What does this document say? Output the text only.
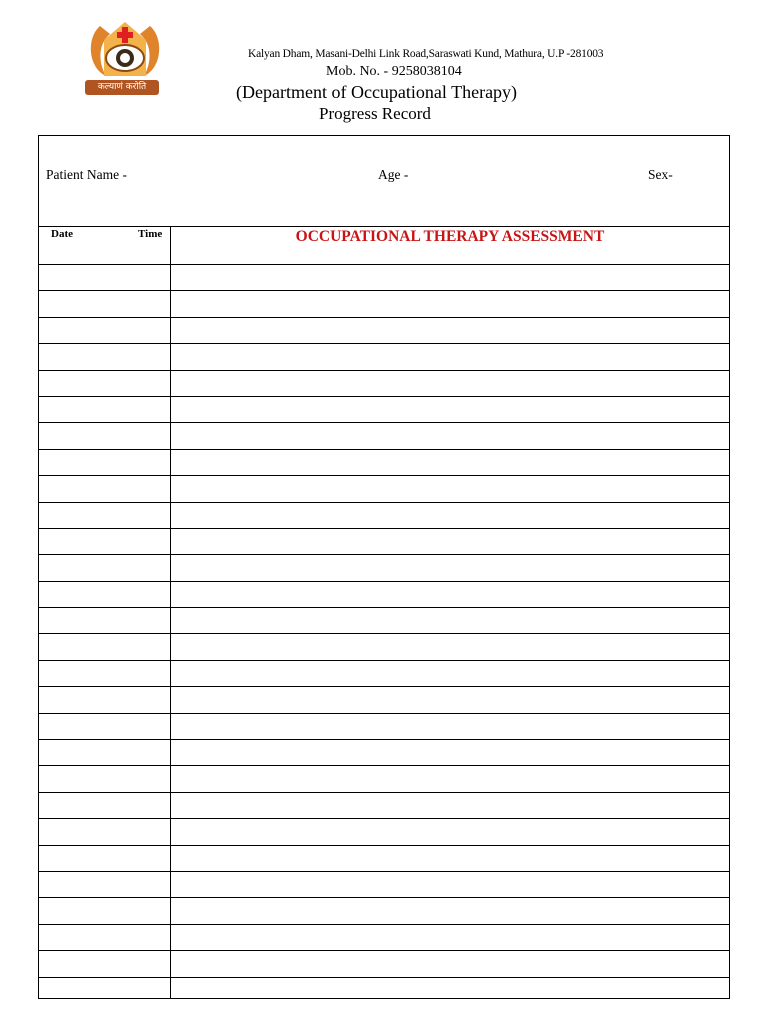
कल्याणं करोति
Kalyan Dham, Masani-Delhi Link Road,Saraswati Kund, Mathura, U.P -281003
Mob. No. - 9258038104
(Department of Occupational Therapy)
Progress Record
Patient Name -	Age -	Sex-
Date	Time	OCCUPATIONAL THERAPY ASSESSMENT
